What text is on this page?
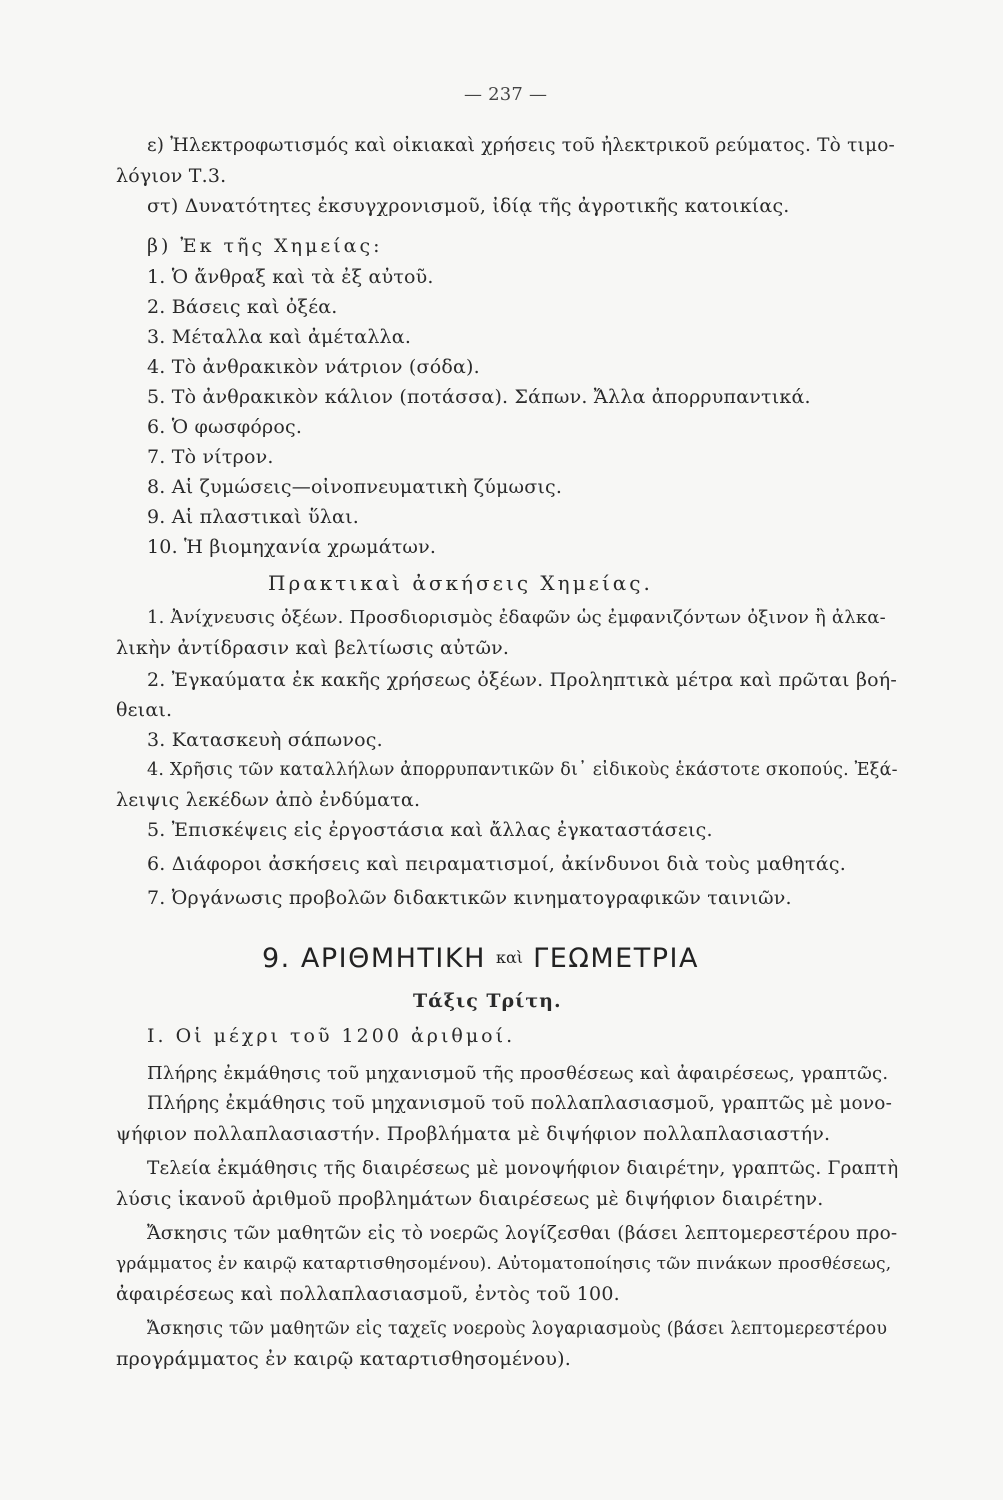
— 237 —
ε) Ἠλεκτροφωτισμός καὶ οἰκιακαὶ χρήσεις τοῦ ἠλεκτρικοῦ ρεύματος. Τὸ τιμο-
λόγιον Τ.3.
στ) Δυνατότητες ἐκσυγχρονισμοῦ, ἰδίᾳ τῆς ἀγροτικῆς κατοικίας.
β) Ἐκ τῆς Χημείας:
1. Ὁ ἄνθραξ καὶ τὰ ἐξ αὐτοῦ.
2. Βάσεις καὶ ὀξέα.
3. Μέταλλα καὶ ἀμέταλλα.
4. Τὸ ἀνθρακικὸν νάτριον (σόδα).
5. Τὸ ἀνθρακικὸν κάλιον (ποτάσσα). Σάπων. Ἄλλα ἀπορρυπαντικά.
6. Ὁ φωσφόρος.
7. Τὸ νίτρον.
8. Αἱ ζυμώσεις—οἰνοπνευματικὴ ζύμωσις.
9. Αἱ πλαστικαὶ ὕλαι.
10. Ἡ βιομηχανία χρωμάτων.
Πρακτικαὶ ἀσκήσεις Χημείας.
1. Ἀνίχνευσις ὀξέων. Προσδιορισμὸς ἐδαφῶν ὡς ἐμφανιζόντων ὀξινον ἢ ἀλκα-
λικὴν ἀντίδρασιν καὶ βελτίωσις αὐτῶν.
2. Ἐγκαύματα ἐκ κακῆς χρήσεως ὀξέων. Προληπτικὰ μέτρα καὶ πρῶται βοή-
θειαι.
3. Κατασκευὴ σάπωνος.
4. Χρῆσις τῶν καταλλήλων ἀπορρυπαντικῶν δι᾽ εἰδικοὺς ἑκάστοτε σκοπούς. Ἐξά-
λειψις λεκέδων ἀπὸ ἐνδύματα.
5. Ἐπισκέψεις εἰς ἐργοστάσια καὶ ἄλλας ἐγκαταστάσεις.
6. Διάφοροι ἀσκήσεις καὶ πειραματισμοί, ἀκίνδυνοι διὰ τοὺς μαθητάς.
7. Ὀργάνωσις προβολῶν διδακτικῶν κινηματογραφικῶν ταινιῶν.
9. ΑΡΙΘΜΗΤΙΚΗ καὶ ΓΕΩΜΕΤΡΙΑ
Τάξις Τρίτη.
I. Οἱ μέχρι τοῦ 1200 ἀριθμοί.
Πλήρης ἐκμάθησις τοῦ μηχανισμοῦ τῆς προσθέσεως καὶ ἀφαιρέσεως, γραπτῶς.
Πλήρης ἐκμάθησις τοῦ μηχανισμοῦ τοῦ πολλαπλασιασμοῦ, γραπτῶς μὲ μονο-
ψήφιον πολλαπλασιαστήν. Προβλήματα μὲ διψήφιον πολλαπλασιαστήν.
Τελεία ἐκμάθησις τῆς διαιρέσεως μὲ μονοψήφιον διαιρέτην, γραπτῶς. Γραπτὴ
λύσις ἱκανοῦ ἀριθμοῦ προβλημάτων διαιρέσεως μὲ διψήφιον διαιρέτην.
Ἄσκησις τῶν μαθητῶν εἰς τὸ νοερῶς λογίζεσθαι (βάσει λεπτομερεστέρου προ-
γράμματος ἐν καιρῷ καταρτισθησομένου). Αὐτοματοποίησις τῶν πινάκων προσθέσεως,
ἀφαιρέσεως καὶ πολλαπλασιασμοῦ, ἐντὸς τοῦ 100.
Ἄσκησις τῶν μαθητῶν εἰς ταχεῖς νοεροὺς λογαριασμοὺς (βάσει λεπτομερεστέρου
προγράμματος ἐν καιρῷ καταρτισθησομένου).
